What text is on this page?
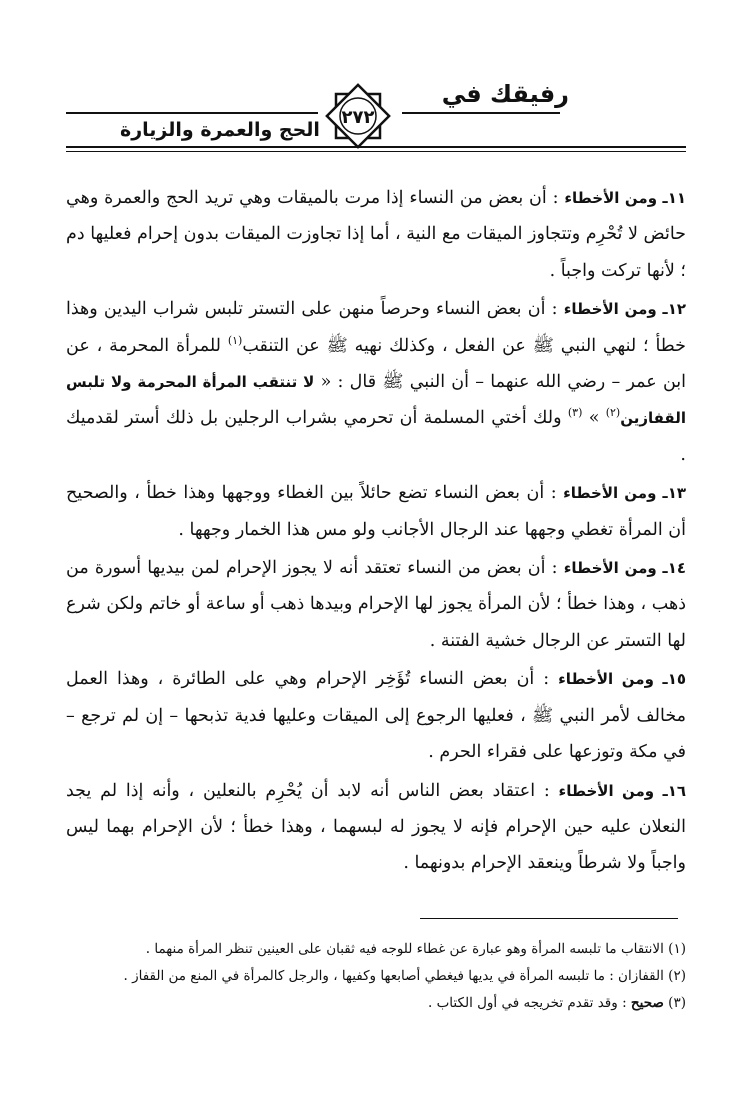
رفيقك في
الحج والعمرة والزيارة
٢٧٢

١١ـ ومن الأخطاء : أن بعض من النساء إذا مرت بالميقات وهي تريد الحج والعمرة وهي حائض لا تُحْرِم وتتجاوز الميقات مع النية ، أما إذا تجاوزت الميقات بدون إحرام فعليها دم ؛ لأنها تركت واجباً .

١٢ـ ومن الأخطاء : أن بعض النساء وحرصاً منهن على التستر تلبس شراب اليدين وهذا خطأ ؛ لنهي النبي ﷺ عن الفعل ، وكذلك نهيه ﷺ عن التنقب$^{(١)}$ للمرأة المحرمة ، عن ابن عمر – رضي الله عنهما – أن النبي ﷺ قال : « لا تنتقب المرأة المحرمة ولا تلبس القفازين$^{(٢)}$ » $^{(٣)}$ ولك أختي المسلمة أن تحرمي بشراب الرجلين بل ذلك أستر لقدميك .

١٣ـ ومن الأخطاء : أن بعض النساء تضع حائلاً بين الغطاء ووجهها وهذا خطأ ، والصحيح أن المرأة تغطي وجهها عند الرجال الأجانب ولو مس هذا الخمار وجهها .

١٤ـ ومن الأخطاء : أن بعض من النساء تعتقد أنه لا يجوز الإحرام لمن بيديها أسورة من ذهب ، وهذا خطأ ؛ لأن المرأة يجوز لها الإحرام وبيدها ذهب أو ساعة أو خاتم ولكن شرع لها التستر عن الرجال خشية الفتنة .

١٥ـ ومن الأخطاء : أن بعض النساء تُؤَخِر الإحرام وهي على الطائرة ، وهذا العمل مخالف لأمر النبي ﷺ ، فعليها الرجوع إلى الميقات وعليها فدية تذبحها – إن لم ترجع – في مكة وتوزعها على فقراء الحرم .

١٦ـ ومن الأخطاء : اعتقاد بعض الناس أنه لابد أن يُحْرِم بالنعلين ، وأنه إذا لم يجد النعلان عليه حين الإحرام فإنه لا يجوز له لبسهما ، وهذا خطأ ؛ لأن الإحرام بهما ليس واجباً ولا شرطاً وينعقد الإحرام بدونهما .

(١) الانتقاب ما تلبسه المرأة وهو عبارة عن غطاء للوجه فيه ثقبان على العينين تنظر المرأة منهما .

(٢) القفازان : ما تلبسه المرأة في يديها فيغطي أصابعها وكفيها ، والرجل كالمرأة في المنع من القفاز .

(٣) صحيح : وقد تقدم تخريجه في أول الكتاب .
